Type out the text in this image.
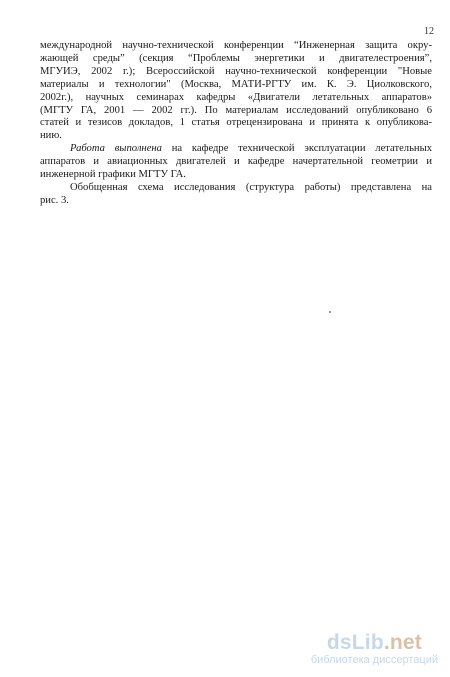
12
международной научно-технической конференции “Инженерная защита окру-
жающей среды” (секция “Проблемы энергетики и двигателестроения”,
МГУИЭ, 2002 г.); Всероссийской научно-технической конференции "Новые
материалы и технологии" (Москва, МАТИ-РГТУ им. К. Э. Циолковского,
2002г.), научных семинарах кафедры «Двигатели летательных аппаратов»
(МГТУ ГА, 2001 — 2002 гг.). По материалам исследований опубликовано 6
статей и тезисов докладов, 1 статья отрецензирована и принята к опубликова-
нию.
Работа выполнена на кафедре технической эксплуатации летательных
аппаратов и авиационных двигателей и кафедре начертательной геометрии и
инженерной графики МГТУ ГА.
Обобщенная схема исследования (структура работы) представлена на
рис. 3.
dsLib.net
библиотека диссертаций
